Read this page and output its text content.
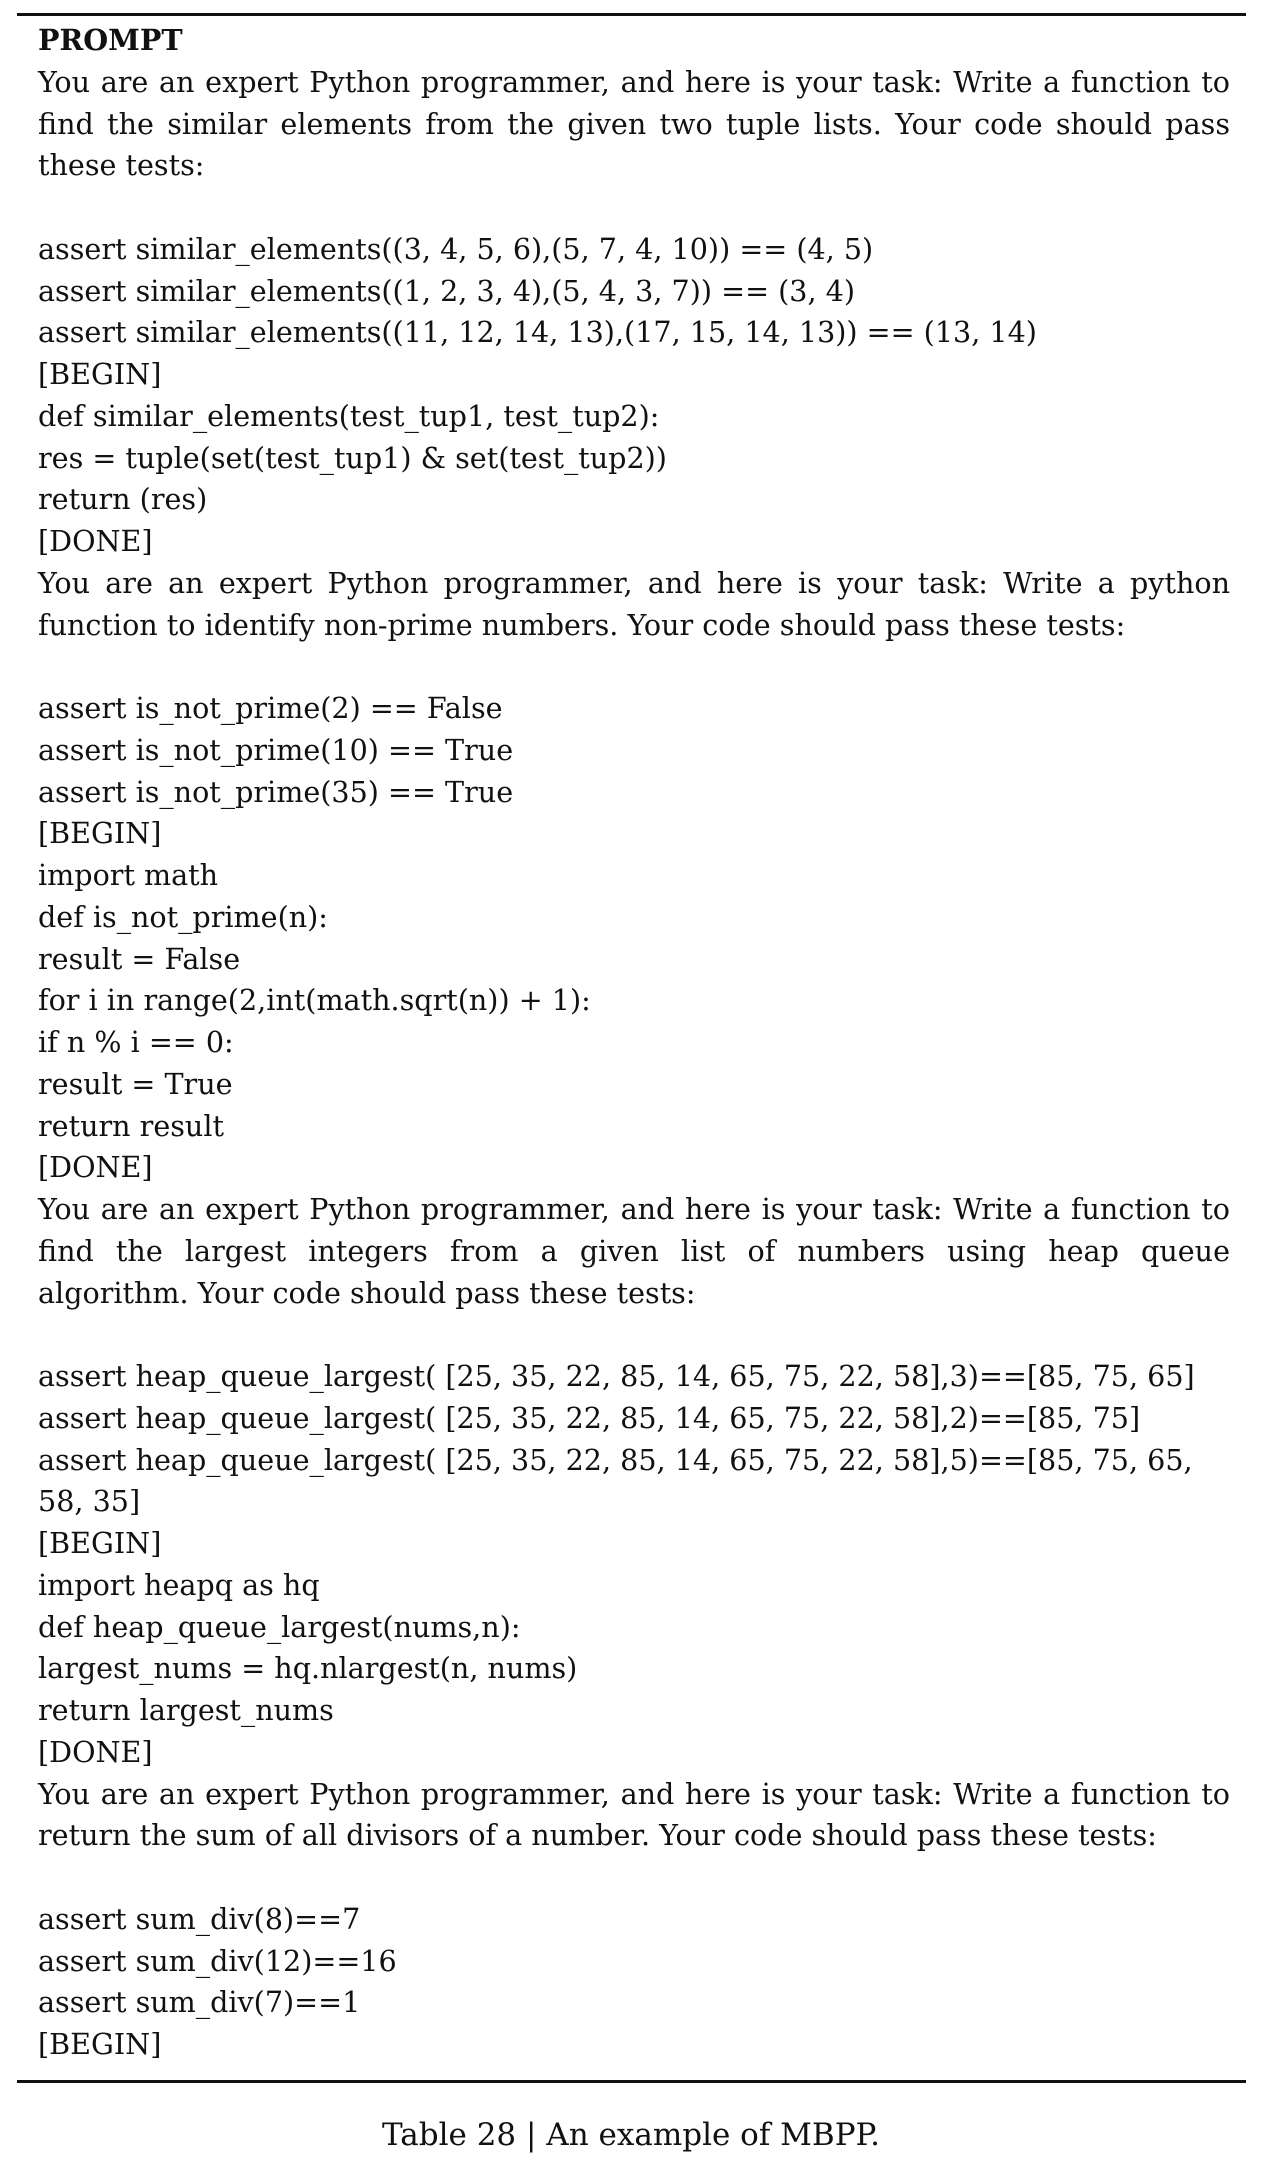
PROMPT
You are an expert Python programmer, and here is your task: Write a function to find the similar elements from the given two tuple lists. Your code should pass these tests:
assert similar_elements((3, 4, 5, 6),(5, 7, 4, 10)) == (4, 5)
assert similar_elements((1, 2, 3, 4),(5, 4, 3, 7)) == (3, 4)
assert similar_elements((11, 12, 14, 13),(17, 15, 14, 13)) == (13, 14)
[BEGIN]
def similar_elements(test_tup1, test_tup2):
res = tuple(set(test_tup1) & set(test_tup2))
return (res)
[DONE]
You are an expert Python programmer, and here is your task: Write a python function to identify non-prime numbers. Your code should pass these tests:
assert is_not_prime(2) == False
assert is_not_prime(10) == True
assert is_not_prime(35) == True
[BEGIN]
import math
def is_not_prime(n):
result = False
for i in range(2,int(math.sqrt(n)) + 1):
if n % i == 0:
result = True
return result
[DONE]
You are an expert Python programmer, and here is your task: Write a function to find the largest integers from a given list of numbers using heap queue algorithm. Your code should pass these tests:
assert heap_queue_largest( [25, 35, 22, 85, 14, 65, 75, 22, 58],3)==[85, 75, 65]
assert heap_queue_largest( [25, 35, 22, 85, 14, 65, 75, 22, 58],2)==[85, 75]
assert heap_queue_largest( [25, 35, 22, 85, 14, 65, 75, 22, 58],5)==[85, 75, 65, 58, 35]
[BEGIN]
import heapq as hq
def heap_queue_largest(nums,n):
largest_nums = hq.nlargest(n, nums)
return largest_nums
[DONE]
You are an expert Python programmer, and here is your task: Write a function to return the sum of all divisors of a number. Your code should pass these tests:
assert sum_div(8)==7
assert sum_div(12)==16
assert sum_div(7)==1
[BEGIN]
Table 28 | An example of MBPP.
